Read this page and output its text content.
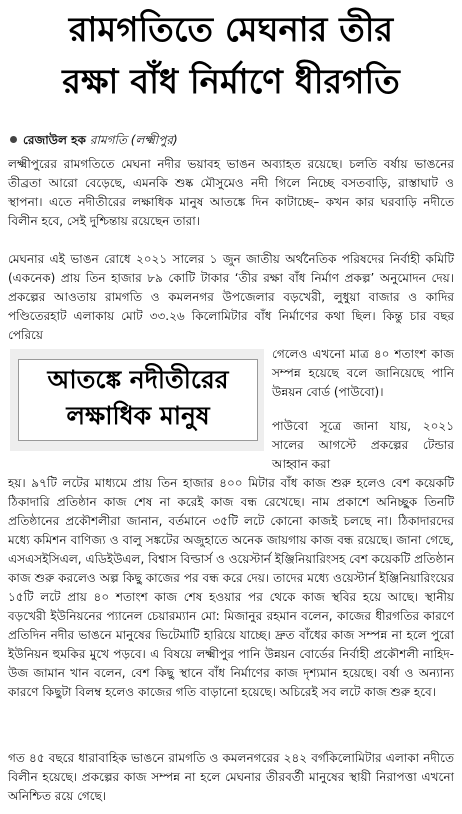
রামগতিতে মেঘনার তীর
রক্ষা বাঁধ নির্মাণে ধীরগতি
রেজাউল হক রামগতি (লক্ষ্মীপুর)

লক্ষ্মীপুরের রামগতিতে মেঘনা নদীর ভয়াবহ ভাঙন অব্যাহত রয়েছে। চলতি বর্ষায় ভাঙনের তীব্রতা আরো বেড়েছে, এমনকি শুষ্ক মৌসুমেও নদী গিলে নিচ্ছে বসতবাড়ি, রাস্তাঘাট ও স্থাপনা। এতে নদীতীরের লক্ষাধিক মানুষ আতঙ্কে দিন কাটাচ্ছে– কখন কার ঘরবাড়ি নদীতে বিলীন হবে, সেই দুশ্চিন্তায় রয়েছেন তারা।

মেঘনার এই ভাঙন রোধে ২০২১ সালের ১ জুন জাতীয় অর্থনৈতিক পরিষদের নির্বাহী কমিটি (একনেক) প্রায় তিন হাজার ৮৯ কোটি টাকার ‘তীর রক্ষা বাঁধ নির্মাণ প্রকল্প’ অনুমোদন দেয়। প্রকল্পের আওতায় রামগতি ও কমলনগর উপজেলার বড়খেরী, লুধুয়া বাজার ও কাদির পণ্ডিতেরহাট এলাকায় মোট ৩৩.২৬ কিলোমিটার বাঁধ নির্মাণের কথা ছিল। কিন্তু চার বছর পেরিয়ে

আতঙ্কে নদীতীরের
লক্ষাধিক মানুষ

গেলেও এখনো মাত্র ৪০ শতাংশ কাজ সম্পন্ন হয়েছে বলে জানিয়েছে পানি উন্নয়ন বোর্ড (পাউবো)।

পাউবো সূত্রে জানা যায়, ২০২১ সালের আগস্টে প্রকল্পের টেন্ডার আহ্বান করা

হয়। ৯৭টি লটের মাধ্যমে প্রায় তিন হাজার ৪০০ মিটার বাঁধ কাজ শুরু হলেও বেশ কয়েকটি ঠিকাদারি প্রতিষ্ঠান কাজ শেষ না করেই কাজ বন্ধ রেখেছে। নাম প্রকাশে অনিচ্ছুক তিনটি প্রতিষ্ঠানের প্রকৌশলীরা জানান, বর্তমানে ৩৫টি লটে কোনো কাজই চলছে না। ঠিকাদারদের মধ্যে কমিশন বাণিজ্য ও বালু সঙ্কটের অজুহাতে অনেক জায়গায় কাজ বন্ধ রয়েছে। জানা গেছে, এসএসইসিএল, এডিইউএল, বিশ্বাস বিল্ডার্স ও ওয়েস্টার্ন ইঞ্জিনিয়ারিংসহ বেশ কয়েকটি প্রতিষ্ঠান কাজ শুরু করলেও অল্প কিছু কাজের পর বন্ধ করে দেয়। তাদের মধ্যে ওয়েস্টার্ন ইঞ্জিনিয়ারিংয়ের ১৫টি লটে প্রায় ৪০ শতাংশ কাজ শেষ হওয়ার পর থেকে কাজ স্থবির হয়ে আছে। স্থানীয় বড়খেরী ইউনিয়নের প্যানেল চেয়ারম্যান মো: মিজানুর রহমান বলেন, কাজের ধীরগতির কারণে প্রতিদিন নদীর ভাঙনে মানুষের ভিটেমাটি হারিয়ে যাচ্ছে। দ্রুত বাঁধের কাজ সম্পন্ন না হলে পুরো ইউনিয়ন হুমকির মুখে পড়বে। এ বিষয়ে লক্ষ্মীপুর পানি উন্নয়ন বোর্ডের নির্বাহী প্রকৌশলী নাহিদ-উজ জামান খান বলেন, বেশ কিছু স্থানে বাঁধ নির্মাণের কাজ দৃশ্যমান হয়েছে। বর্ষা ও অন্যান্য কারণে কিছুটা বিলম্ব হলেও কাজের গতি বাড়ানো হয়েছে। অচিরেই সব লটে কাজ শুরু হবে।

গত ৪৫ বছরে ধারাবাহিক ভাঙনে রামগতি ও কমলনগরের ২৪২ বর্গকিলোমিটার এলাকা নদীতে বিলীন হয়েছে। প্রকল্পের কাজ সম্পন্ন না হলে মেঘনার তীরবর্তী মানুষের স্থায়ী নিরাপত্তা এখনো অনিশ্চিত রয়ে গেছে।
